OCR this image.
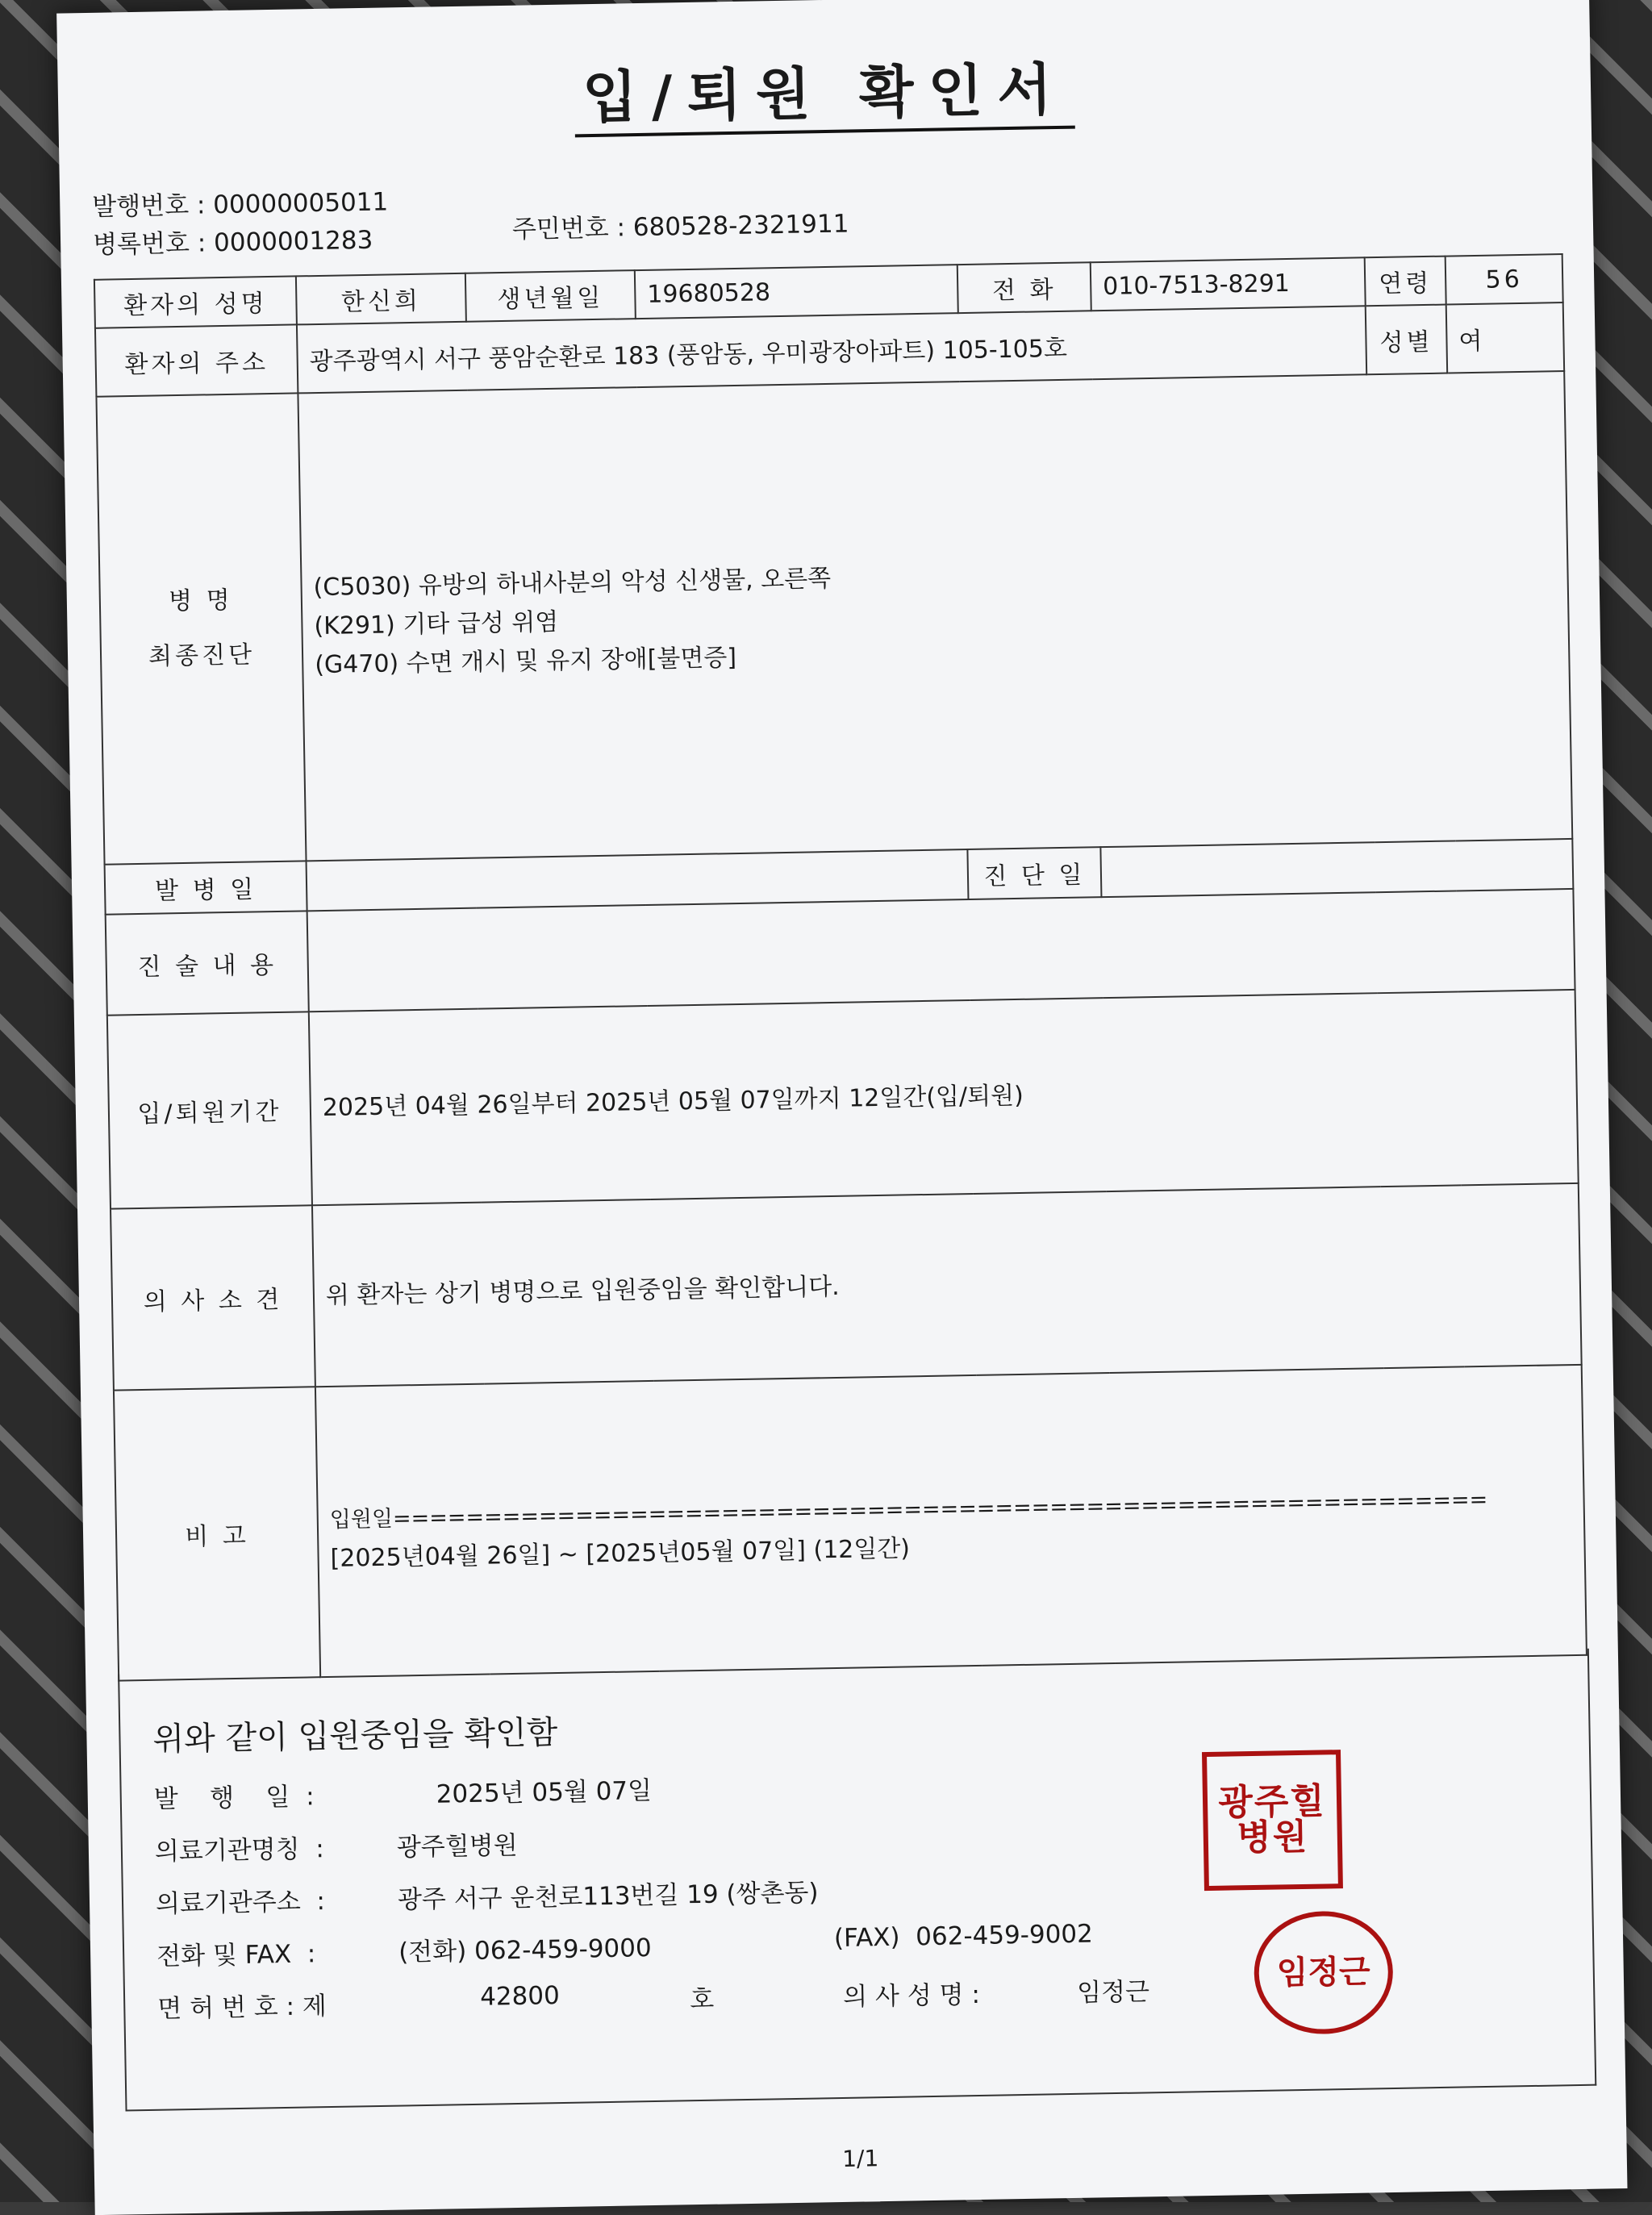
입/퇴원 확인서
발행번호 : 00000005011
병록번호 : 0000001283	주민번호 : 680528-2321911
환자의 성명	한신희	생년월일	19680528	전 화	010-7513-8291	연령	56
환자의 주소	광주광역시 서구 풍암순환로 183 (풍암동, 우미광장아파트) 105-105호					성별	여

병 명
최종진단	(C5030) 유방의 하내사분의 악성 신생물, 오른쪽
(K291) 기타 급성 위염
(G470) 수면 개시 및 유지 장애[불면증]						

발 병 일				진 단 일			
진 술 내 용							
입/퇴원기간	2025년 04월 26일부터 2025년 05월 07일까지 12일간(입/퇴원)						

의 사 소 견	위 환자는 상기 병명으로 입원중임을 확인합니다.						

비 고	입원일============================================================
[2025년04월 26일] ~ [2025년05월 07일] (12일간)						
위와 같이 입원중임을 확인함
발    행    일  :	2025년 05월 07일
의료기관명칭  :	광주힐병원
의료기관주소  :	광주 서구 운천로113번길 19 (쌍촌동)
전화 및 FAX  :	(전화) 062-459-9000	(FAX)  062-459-9002
면 허 번 호 : 제	42800	호	의 사 성 명 :	임정근
광주힐병원
임정근
1/1
